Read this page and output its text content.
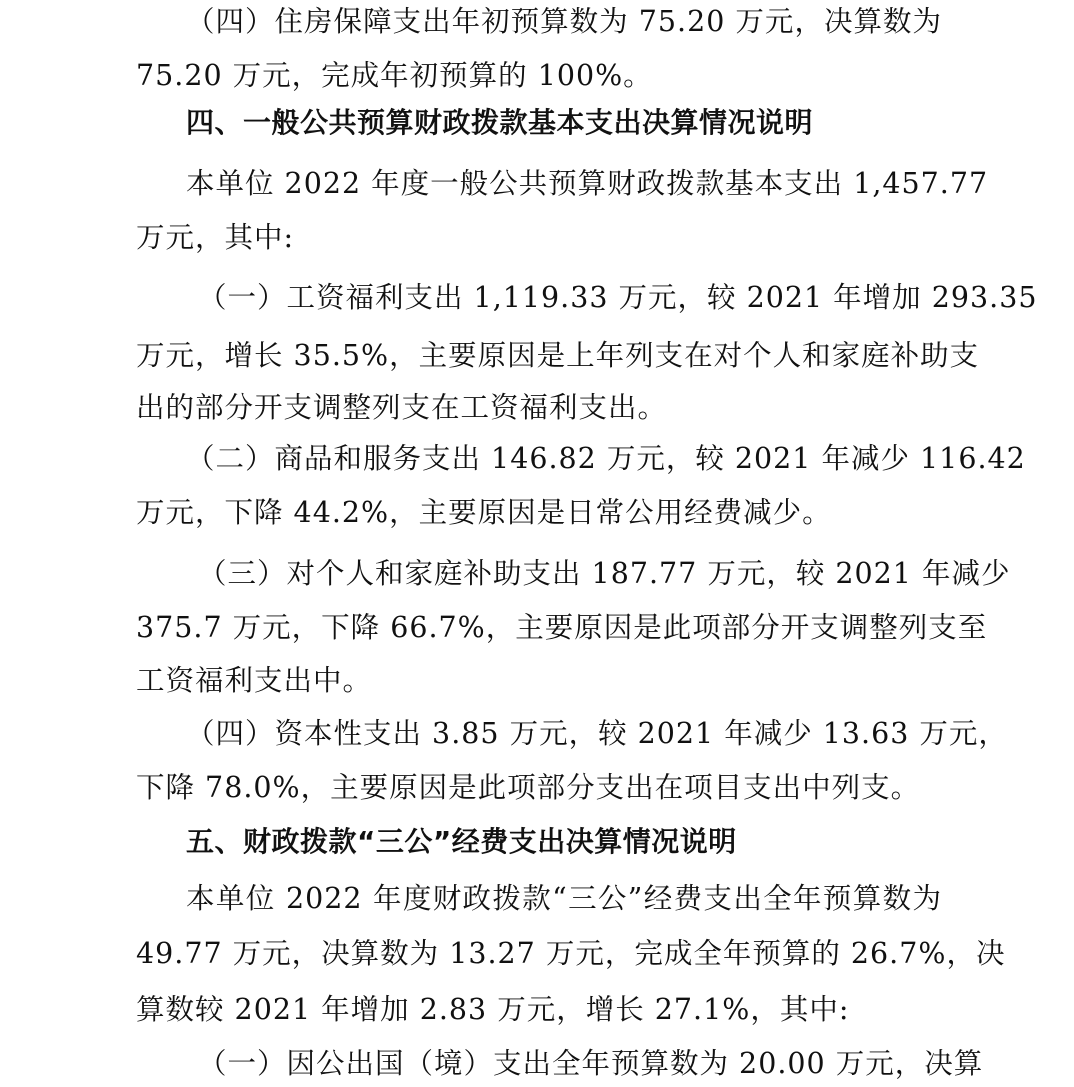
（四）住房保障支出年初预算数为 75.20 万元，决算数为
75.20 万元，完成年初预算的 100%。
四、一般公共预算财政拨款基本支出决算情况说明
本单位 2022 年度一般公共预算财政拨款基本支出 1,457.77
万元，其中:
（一）工资福利支出 1,119.33 万元，较 2021 年增加 293.35
万元，增长 35.5%，主要原因是上年列支在对个人和家庭补助支
出的部分开支调整列支在工资福利支出。
（二）商品和服务支出 146.82 万元，较 2021 年减少 116.42
万元，下降 44.2%，主要原因是日常公用经费减少。
（三）对个人和家庭补助支出 187.77 万元，较 2021 年减少
375.7 万元，下降 66.7%，主要原因是此项部分开支调整列支至
工资福利支出中。
（四）资本性支出 3.85 万元，较 2021 年减少 13.63 万元，
下降 78.0%，主要原因是此项部分支出在项目支出中列支。
五、财政拨款“三公”经费支出决算情况说明
本单位 2022 年度财政拨款“三公”经费支出全年预算数为
49.77 万元，决算数为 13.27 万元，完成全年预算的 26.7%，决
算数较 2021 年增加 2.83 万元，增长 27.1%，其中:
（一）因公出国（境）支出全年预算数为 20.00 万元，决算
